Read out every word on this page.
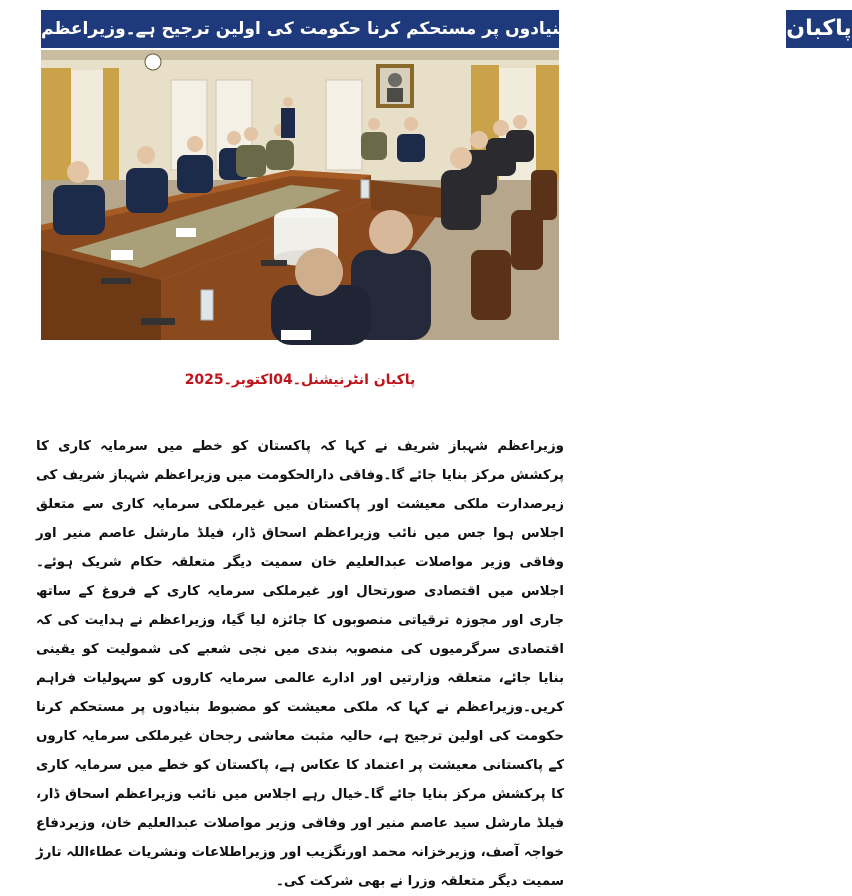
ملکی معیشت کومضبوط بنیادوں پر مستحکم کرنا حکومت کی اولین ترجیح ہے۔وزیراعظم پاکبان
پاکبان انٹرنیشنل۔04اکتوبر۔2025
وزیراعظم شہباز شریف نے کہا کہ پاکستان کو خطے میں سرمایہ کاری کا پرکشش مرکز بنایا جائے گا۔وفاقی دارالحکومت میں وزیراعظم شہباز شریف کی زیرصدارت ملکی معیشت اور پاکستان میں غیرملکی سرمایہ کاری سے متعلق اجلاس ہوا جس میں نائب وزیراعظم اسحاق ڈار، فیلڈ مارشل عاصم منیر اور وفاقی وزیر مواصلات عبدالعلیم خان سمیت دیگر متعلقہ حکام شریک ہوئے۔ اجلاس میں اقتصادی صورتحال اور غیرملکی سرمایہ کاری کے فروغ کے ساتھ جاری اور مجوزہ ترقیاتی منصوبوں کا جائزہ لیا گیا، وزیراعظم نے ہدایت کی کہ اقتصادی سرگرمیوں کی منصوبہ بندی میں نجی شعبے کی شمولیت کو یقینی بنایا جائے، متعلقہ وزارتیں اور ادارے عالمی سرمایہ کاروں کو سہولیات فراہم کریں۔وزیراعظم نے کہا کہ ملکی معیشت کو مضبوط بنیادوں پر مستحکم کرنا حکومت کی اولین ترجیح ہے، حالیہ مثبت معاشی رجحان غیرملکی سرمایہ کاروں کے پاکستانی معیشت پر اعتماد کا عکاس ہے، پاکستان کو خطے میں سرمایہ کاری کا پرکشش مرکز بنایا جائے گا۔خیال رہے اجلاس میں نائب وزیراعظم اسحاق ڈار، فیلڈ مارشل سید عاصم منیر اور وفاقی وزیر مواصلات عبدالعلیم خان، وزیردفاع خواجہ آصف، وزیرخزانہ محمد اورنگزیب اور وزیراطلاعات ونشریات عطاءاللہ تارڑ سمیت دیگر متعلقہ وزرا نے بھی شرکت کی۔
